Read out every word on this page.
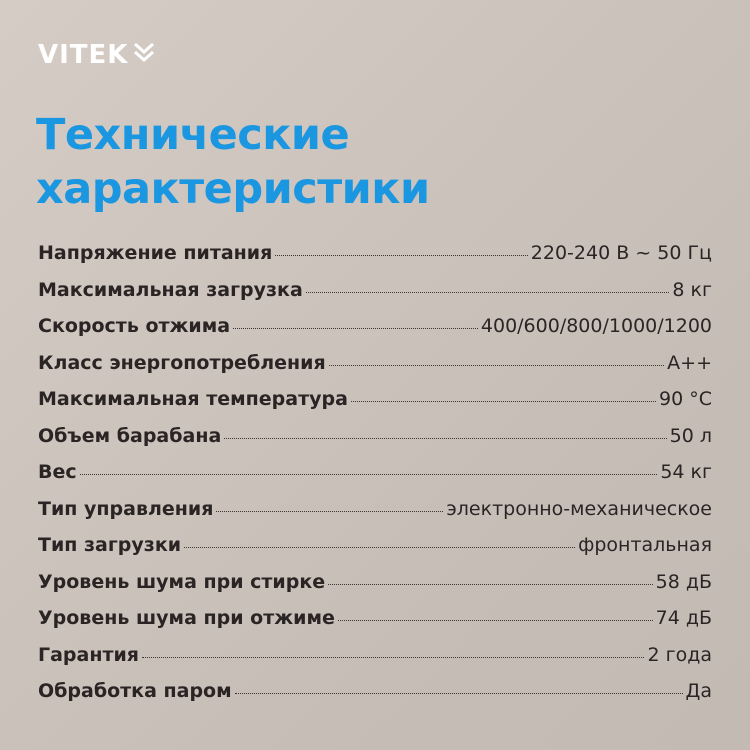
VITEK
Технические
характеристики
Напряжение питания	220-240 В ~ 50 Гц
Максимальная загрузка	8 кг
Скорость отжима	400/600/800/1000/1200
Класс энергопотребления	А++
Максимальная температура	90 °C
Объем барабана	50 л
Вес	54 кг
Тип управления	электронно-механическое
Тип загрузки	фронтальная
Уровень шума при стирке	58 дБ
Уровень шума при отжиме	74 дБ
Гарантия	2 года
Обработка паром	Да
